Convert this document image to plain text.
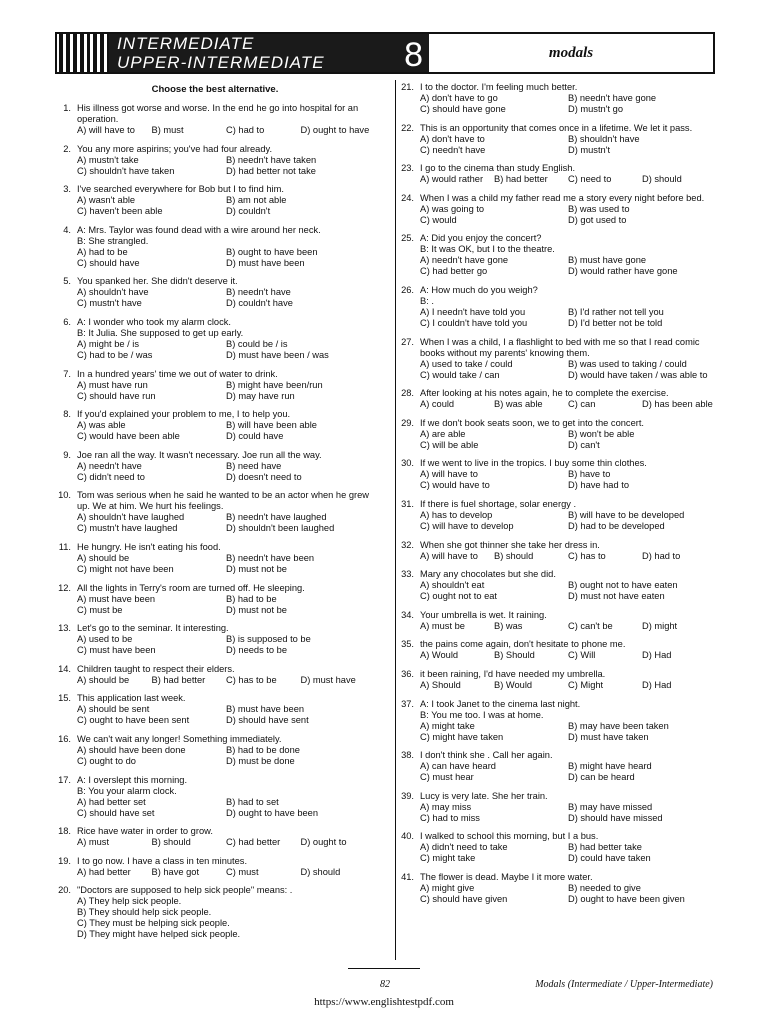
INTERMEDIATE
UPPER-INTERMEDIATE 8	modals
Choose the best alternative.
1. His illness got worse and worse. In the end he go into hospital for an operation.
A) will have to	B) must	C) had to	D) ought to have
2. You any more aspirins; you've had four already.
A) mustn't take	B) needn't have taken
C) shouldn't have taken	D) had better not take
3. I've searched everywhere for Bob but I to find him.
A) wasn't able	B) am not able
C) haven't been able	D) couldn't
4. A: Mrs. Taylor was found dead with a wire around her neck.
B: She strangled.
A) had to be	B) ought to have been
C) should have	D) must have been
5. You spanked her. She didn't deserve it.
A) shouldn't have	B) needn't have
C) mustn't have	D) couldn't have
6. A: I wonder who took my alarm clock.
B: It Julia. She supposed to get up early.
A) might be / is	B) could be / is
C) had to be / was	D) must have been / was
7. In a hundred years' time we out of water to drink.
A) must have run	B) might have been/run
C) should have run	D) may have run
8. If you'd explained your problem to me, I to help you.
A) was able	B) will have been able
C) would have been able	D) could have
9. Joe ran all the way. It wasn't necessary. Joe run all the way.
A) needn't have	B) need have
C) didn't need to	D) doesn't need to
10. Tom was serious when he said he wanted to be an actor when he grew up. We at him. We hurt his feelings.
A) shouldn't have laughed	B) needn't have laughed
C) mustn't have laughed	D) shouldn't been laughed
11. He hungry. He isn't eating his food.
A) should be	B) needn't have been
C) might not have been	D) must not be
12. All the lights in Terry's room are turned off. He sleeping.
A) must have been	B) had to be
C) must be	D) must not be
13. Let's go to the seminar. It interesting.
A) used to be	B) is supposed to be
C) must have been	D) needs to be
14. Children taught to respect their elders.
A) should be	B) had better	C) has to be	D) must have
15. This application last week.
A) should be sent	B) must have been
C) ought to have been sent	D) should have sent
16. We can't wait any longer! Something immediately.
A) should have been done	B) had to be done
C) ought to do	D) must be done
17. A: I overslept this morning.
B: You your alarm clock.
A) had better set	B) had to set
C) should have set	D) ought to have been
18. Rice have water in order to grow.
A) must	B) should	C) had better	D) ought to
19. I to go now. I have a class in ten minutes.
A) had better	B) have got	C) must	D) should
20. "Doctors are supposed to help sick people" means: .
A) They help sick people.
B) They should help sick people.
C) They must be helping sick people.
D) They might have helped sick people.
21. I to the doctor. I'm feeling much better.
A) don't have to go	B) needn't have gone
C) should have gone	D) mustn't go
22. This is an opportunity that comes once in a lifetime. We let it pass.
A) don't have to	B) shouldn't have
C) needn't have	D) mustn't
23. I go to the cinema than study English.
A) would rather	B) had better	C) need to	D) should
24. When I was a child my father read me a story every night before bed.
A) was going to	B) was used to
C) would	D) got used to
25. A: Did you enjoy the concert?
B: It was OK, but I to the theatre.
A) needn't have gone	B) must have gone
C) had better go	D) would rather have gone
26. A: How much do you weigh?
B: .
A) I needn't have told you	B) I'd rather not tell you
C) I couldn't have told you	D) I'd better not be told
27. When I was a child, I a flashlight to bed with me so that I read comic books without my parents' knowing them.
A) used to take / could	B) was used to taking / could
C) would take / can	D) would have taken / was able to
28. After looking at his notes again, he to complete the exercise.
A) could	B) was able	C) can	D) has been able
29. If we don't book seats soon, we to get into the concert.
A) are able	B) won't be able
C) will be able	D) can't
30. If we went to live in the tropics. I buy some thin clothes.
A) will have to	B) have to
C) would have to	D) have had to
31. If there is fuel shortage, solar energy .
A) has to develop	B) will have to be developed
C) will have to develop	D) had to be developed
32. When she got thinner she take her dress in.
A) will have to	B) should	C) has to	D) had to
33. Mary any chocolates but she did.
A) shouldn't eat	B) ought not to have eaten
C) ought not to eat	D) must not have eaten
34. Your umbrella is wet. It raining.
A) must be	B) was	C) can't be	D) might
35. the pains come again, don't hesitate to phone me.
A) Would	B) Should	C) Will	D) Had
36. it been raining, I'd have needed my umbrella.
A) Should	B) Would	C) Might	D) Had
37. A: I took Janet to the cinema last night.
B: You me too. I was at home.
A) might take	B) may have been taken
C) might have taken	D) must have taken
38. I don't think she . Call her again.
A) can have heard	B) might have heard
C) must hear	D) can be heard
39. Lucy is very late. She her train.
A) may miss	B) may have missed
C) had to miss	D) should have missed
40. I walked to school this morning, but I a bus.
A) didn't need to take	B) had better take
C) might take	D) could have taken
41. The flower is dead. Maybe I it more water.
A) might give	B) needed to give
C) should have given	D) ought to have been given
82	Modals (Intermediate / Upper-Intermediate)
https://www.englishtestpdf.com
